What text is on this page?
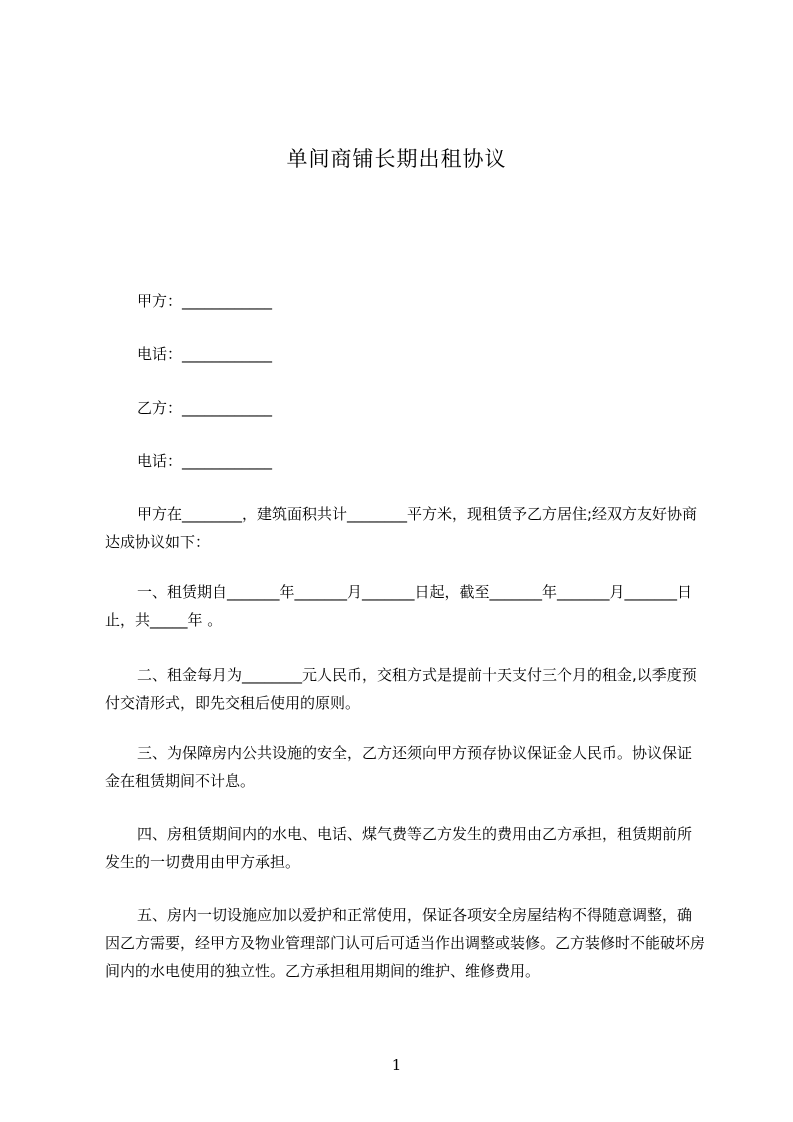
单间商铺长期出租协议
甲方：____________
电话：____________
乙方：____________
电话：____________
甲方在________，建筑面积共计________平方米，现租赁予乙方居住;经双方友好协商达成协议如下：
一、租赁期自_______年_______月_______日起，截至_______年_______月_______日止，共_____年 。
二、租金每月为________元人民币，交租方式是提前十天支付三个月的租金,以季度预付交清形式，即先交租后使用的原则。
三、为保障房内公共设施的安全，乙方还须向甲方预存协议保证金人民币。协议保证金在租赁期间不计息。
四、房租赁期间内的水电、电话、煤气费等乙方发生的费用由乙方承担，租赁期前所发生的一切费用由甲方承担。
五、房内一切设施应加以爱护和正常使用，保证各项安全房屋结构不得随意调整，确因乙方需要，经甲方及物业管理部门认可后可适当作出调整或装修。乙方装修时不能破坏房间内的水电使用的独立性。乙方承担租用期间的维护、维修费用。
1
